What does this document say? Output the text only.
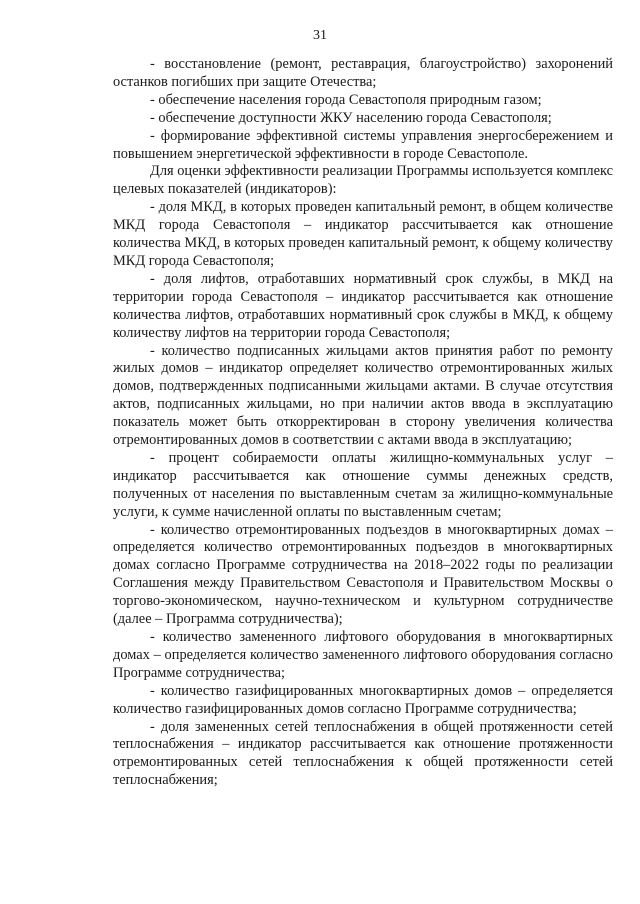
31

- восстановление (ремонт, реставрация, благоустройство) захоронений останков погибших при защите Отечества;

- обеспечение населения города Севастополя природным газом;

- обеспечение доступности ЖКУ населению города Севастополя;

- формирование эффективной системы управления энергосбережением и повышением энергетической эффективности в городе Севастополе.

Для оценки эффективности реализации Программы используется комплекс целевых показателей (индикаторов):

- доля МКД, в которых проведен капитальный ремонт, в общем количестве МКД города Севастополя – индикатор рассчитывается как отношение количества МКД, в которых проведен капитальный ремонт, к общему количеству МКД города Севастополя;

- доля лифтов, отработавших нормативный срок службы, в МКД на территории города Севастополя – индикатор рассчитывается как отношение количества лифтов, отработавших нормативный срок службы в МКД, к общему количеству лифтов на территории города Севастополя;

- количество подписанных жильцами актов принятия работ по ремонту жилых домов – индикатор определяет количество отремонтированных жилых домов, подтвержденных подписанными жильцами актами. В случае отсутствия актов, подписанных жильцами, но при наличии актов ввода в эксплуатацию показатель может быть откорректирован в сторону увеличения количества отремонтированных домов в соответствии с актами ввода в эксплуатацию;

- процент собираемости оплаты жилищно-коммунальных услуг – индикатор рассчитывается как отношение суммы денежных средств, полученных от населения по выставленным счетам за жилищно-коммунальные услуги, к сумме начисленной оплаты по выставленным счетам;

- количество отремонтированных подъездов в многоквартирных домах – определяется количество отремонтированных подъездов в многоквартирных домах согласно Программе сотрудничества на 2018–2022 годы по реализации Соглашения между Правительством Севастополя и Правительством Москвы о торгово-экономическом, научно-техническом и культурном сотрудничестве (далее – Программа сотрудничества);

- количество замененного лифтового оборудования в многоквартирных домах – определяется количество замененного лифтового оборудования согласно Программе сотрудничества;

- количество газифицированных многоквартирных домов – определяется количество газифицированных домов согласно Программе сотрудничества;

- доля замененных сетей теплоснабжения в общей протяженности сетей теплоснабжения – индикатор рассчитывается как отношение протяженности отремонтированных сетей теплоснабжения к общей протяженности сетей теплоснабжения;
